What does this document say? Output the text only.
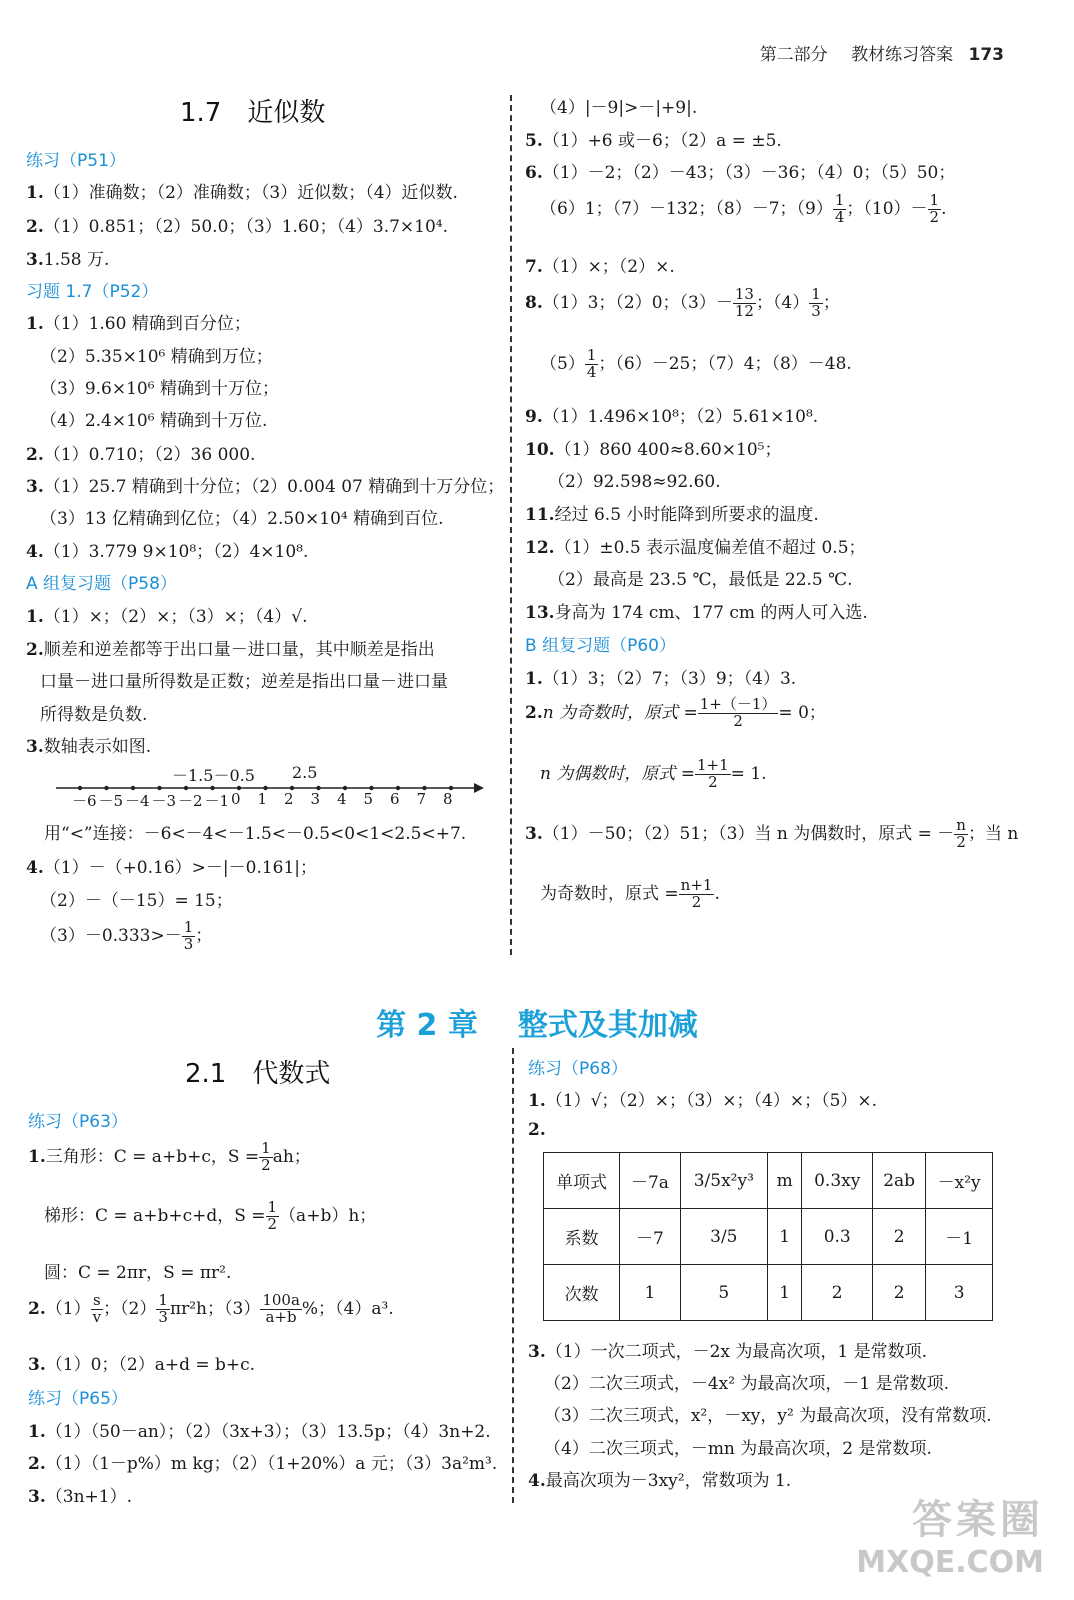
第二部分 教材练习答案 173
1.7　近似数
练习（P51）
1.（1）准确数；（2）准确数；（3）近似数；（4）近似数.
2.（1）0.851；（2）50.0；（3）1.60；（4）3.7×10⁴.
3.1.58 万.
习题 1.7（P52）
1.（1）1.60 精确到百分位；
（2）5.35×10⁶ 精确到万位；
（3）9.6×10⁶ 精确到十万位；
（4）2.4×10⁶ 精确到十万位.
2.（1）0.710；（2）36 000.
3.（1）25.7 精确到十分位；（2）0.004 07 精确到十万分位；
（3）13 亿精确到亿位；（4）2.50×10⁴ 精确到百位.
4.（1）3.779 9×10⁸；（2）4×10⁸.
A 组复习题（P58）
1.（1）×；（2）×；（3）×；（4）√.
2.顺差和逆差都等于出口量－进口量，其中顺差是指出
口量－进口量所得数是正数；逆差是指出口量－进口量
所得数是负数.
3.数轴表示如图.
－1.5－0.5 2.5
－6 －5 －4 －3 －2 －1 0 1 2 3 4 5 6 7 8
用“<”连接：－6<－4<－1.5<－0.5<0<1<2.5<+7.
4.（1）－（+0.16）>－|－0.161|；
（2）－（－15）= 15；
$(3)-0.333>- \frac{1}{3}$ ；
（4）|－9|>－|+9|.
5.（1）+6 或－6；（2）a = ±5.
6.（1）－2；（2）－43；（3）－36；（4）0；（5）50；
（6）1；（7）－132；（8）－7；$(9) \frac{1}{4}$ ；$(10)- \frac{1}{2}$ .
7.（1）×；（2）×.
8.（1）3；（2）0；$(3)- \frac{13}{12}$ ；$(4) \frac{1}{3}$ ；
$(5) \frac{1}{4}$ ；（6）－25；（7）4；（8）－48.
9.（1）1.496×10⁸；（2）5.61×10⁸.
10.（1）860 400≈8.60×10⁵；
（2）92.598≈92.60.
11.经过 6.5 小时能降到所要求的温度.
12.（1）±0.5 表示温度偏差值不超过 0.5；
（2）最高是 23.5 ℃，最低是 22.5 ℃.
13.身高为 174 cm、177 cm 的两人可入选.
B 组复习题（P60）
1.（1）3；（2）7；（3）9；（4）3.
2.n 为奇数时，原式 = $\frac{1+(-1)}{2} = 0$；
n 为偶数时，原式 = $\frac{1+1}{2} = 1$.
3.（1）－50；（2）51；（3）当 n 为偶数时，原式 = － $\frac{n}{2}$ ；当 n
为奇数时，原式 = $\frac{n+1}{2}$ .
第 2 章 整式及其加减
2.1　代数式
练习（P63）
1.三角形：C = a+b+c，$S = \frac{1}{2}$ ah；
梯形：C = a+b+c+d，$S = \frac{1}{2} (a+b)h$；
圆：C = 2πr，S = πr².
$2.(1) \frac{s}{v}$ ；$(2) \frac{1}{3} \pi r^2h$；$(3) \frac{100a}{a+b}$ %；（4）a³.
3.（1）0；（2）a+d = b+c.
练习（P65）
1.（1）（50－an）；（2）（3x+3）；（3）13.5p；（4）3n+2.
2.（1）（1－p%）m kg；（2）（1+20%）a 元；（3）3a²m³.
3.（3n+1）.
练习（P68）
1.（1）√；（2）×；（3）×；（4）×；（5）×.
2.
单项式	－7a	3/5x²y³	m	0.3xy	2ab	－x²y
系数	－7	3/5	1	0.3	2	－1
次数	1	5	1	2	2	3
3.（1）一次二项式，－2x 为最高次项，1 是常数项.
（2）二次三项式，－4x² 为最高次项，－1 是常数项.
（3）二次三项式，x²，－xy，y² 为最高次项，没有常数项.
（4）二次三项式，－mn 为最高次项，2 是常数项.
4.最高次项为－3xy²，常数项为 1.
答案圈
MXQE.COM
